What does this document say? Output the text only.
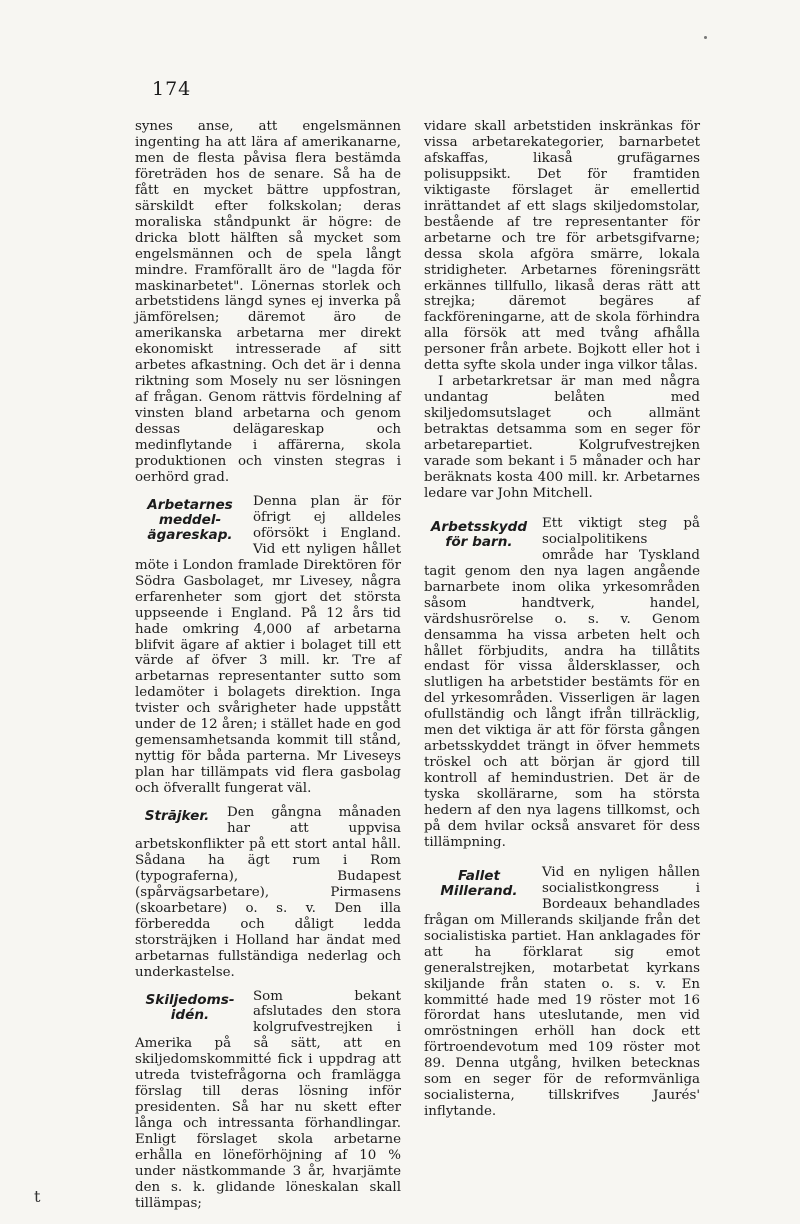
174

synes anse, att engelsmännen ingenting ha att lära af amerikanarne, men de flesta påvisa flera bestämda företräden hos de senare. Så ha de fått en mycket bättre uppfostran, särskildt efter folkskolan; deras moraliska ståndpunkt är högre: de dricka blott hälften så mycket som engelsmännen och de spela långt mindre. Framförallt äro de "lagda för maskinarbetet". Lönernas storlek och arbetstidens längd synes ej inverka på jämförelsen; däremot äro de amerikanska arbetarna mer direkt ekonomiskt intresserade af sitt arbetes afkastning. Och det är i denna riktning som Mosely nu ser lösningen af frågan. Genom rättvis fördelning af vinsten bland arbetarna och genom dessas delägareskap och medinflytande i affärerna, skola produktionen och vinsten stegras i oerhörd grad.

Arbetarnes
meddel-
ägareskap.

Denna plan är för öfrigt ej alldeles oförsökt i England. Vid ett nyligen hållet möte i London framlade Direktören för Södra Gasbolaget, mr Livesey, några erfarenheter som gjort det största uppseende i England. På 12 års tid hade omkring 4,000 af arbetarna blifvit ägare af aktier i bolaget till ett värde af öfver 3 mill. kr. Tre af arbetarnas representanter sutto som ledamöter i bolagets direktion. Inga tvister och svårigheter hade uppstått under de 12 åren; i stället hade en god gemensamhetsanda kommit till stånd, nyttig för båda parterna. Mr Liveseys plan har tillämpats vid flera gasbolag och öfverallt fungerat väl.

Strājker.	Den gångna månaden har att uppvisa arbetskonflikter på ett stort antal håll. Sådana ha ägt rum i Rom (typograferna), Budapest (spårvägsarbetare), Pirmasens (skoarbetare) o. s. v. Den illa förberedda och dåligt ledda storsträjken i Holland har ändat med arbetarnas fullständiga nederlag och underkastelse.

Skiljedoms-
idén.

Som bekant afslutades den stora kolgrufvestrejken i Amerika på så sätt, att en skiljedomskommitté fick i uppdrag att utreda tvistefrågorna och framlägga förslag till deras lösning inför presidenten. Så har nu skett efter långa och intressanta förhandlingar. Enligt förslaget skola arbetarne erhålla en löneförhöjning af 10 % under nästkommande 3 år, hvarjämte den s. k. glidande löneskalan skall tillämpas;

vidare skall arbetstiden inskränkas för vissa arbetarekategorier, barnarbetet afskaffas, likaså grufägarnes polisuppsikt. Det för framtiden viktigaste förslaget är emellertid inrättandet af ett slags skiljedomstolar, bestående af tre representanter för arbetarne och tre för arbetsgifvarne; dessa skola afgöra smärre, lokala stridigheter. Arbetarnes föreningsrätt erkännes tillfullo, likaså deras rätt att strejka; däremot begäres af fackföreningarne, att de skola förhindra alla försök att med tvång afhålla personer från arbete. Bojkott eller hot i detta syfte skola under inga vilkor tålas.

I arbetarkretsar är man med några undantag belåten med skiljedomsutslaget och allmänt betraktas detsamma som en seger för arbetarepartiet. Kolgrufvestrejken varade som bekant i 5 månader och har beräknats kosta 400 mill. kr. Arbetarnes ledare var John Mitchell.

Arbetsskydd
för barn.

Ett viktigt steg på socialpolitikens område har Tyskland tagit genom den nya lagen angående barnarbete inom olika yrkesområden såsom handtverk, handel, värdshusrörelse o. s. v. Genom densamma ha vissa arbeten helt och hållet förbjudits, andra ha tillåtits endast för vissa åldersklasser, och slutligen ha arbetstider bestämts för en del yrkesområden. Visserligen är lagen ofullständig och långt ifrån tillräcklig, men det viktiga är att för första gången arbetsskyddet trängt in öfver hemmets tröskel och att början är gjord till kontroll af hemindustrien. Det är de tyska skollärarne, som ha största hedern af den nya lagens tillkomst, och på dem hvilar också ansvaret för dess tillämpning.

Fallet
Millerand.

Vid en nyligen hållen socialistkongress i Bordeaux behandlades frågan om Millerands skiljande från det socialistiska partiet. Han anklagades för att ha förklarat sig emot generalstrejken, motarbetat kyrkans skiljande från staten o. s. v. En kommitté hade med 19 röster mot 16 förordat hans uteslutande, men vid omröstningen erhöll han dock ett förtroendevotum med 109 röster mot 89. Denna utgång, hvilken betecknas som en seger för de reformvänliga socialisterna, tillskrifves Jaurés' inflytande.

t
